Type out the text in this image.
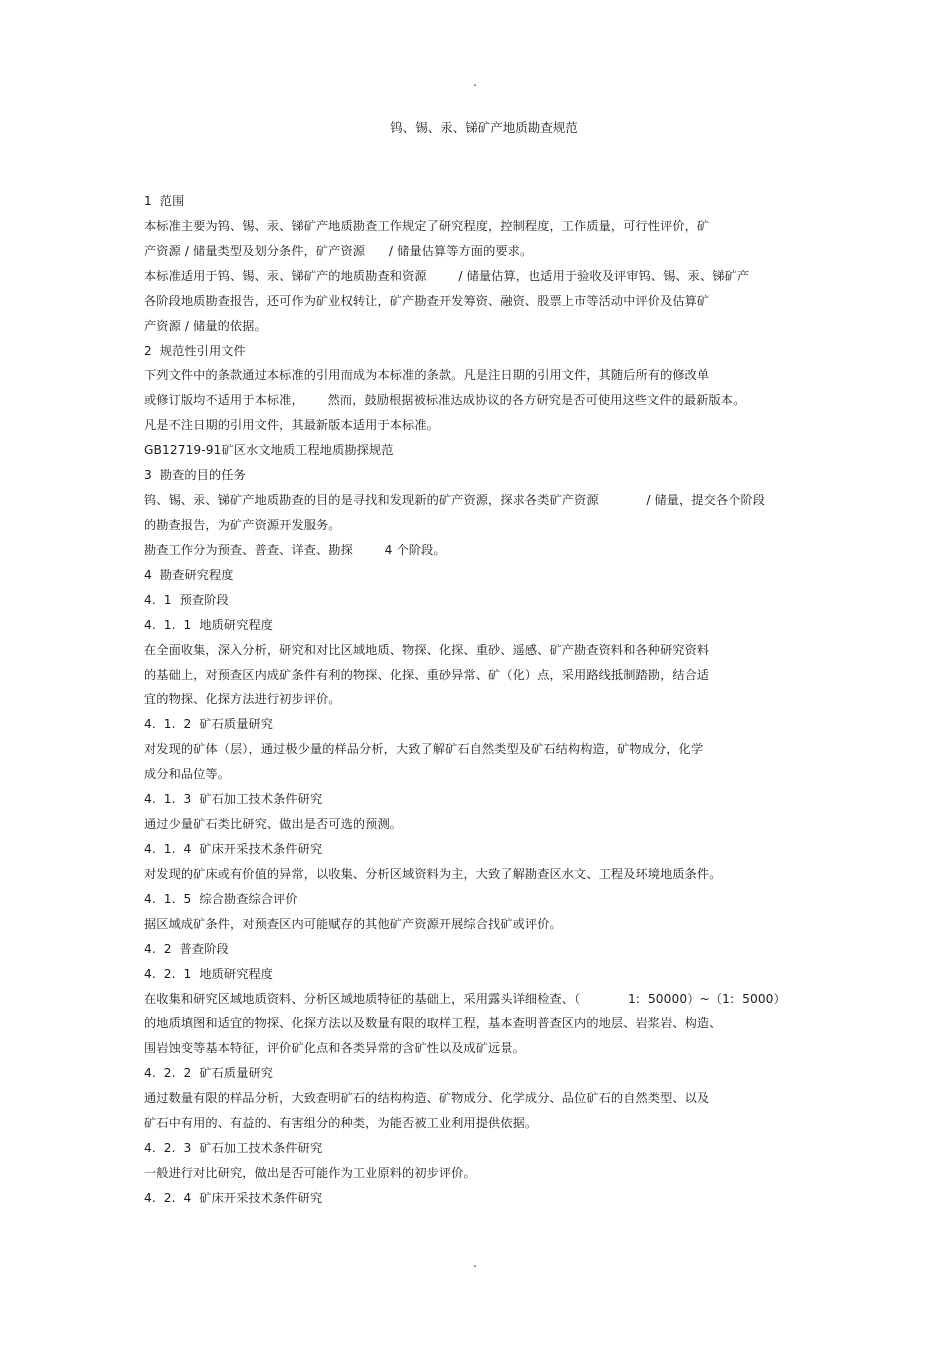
.
钨、锡、汞、锑矿产地质勘查规范
1  范围
本标准主要为钨、锡、汞、锑矿产地质勘查工作规定了研究程度，控制程度，工作质量，可行性评价，矿
产资源 / 储量类型及划分条件，矿产资源      / 储量估算等方面的要求。
本标准适用于钨、锡、汞、锑矿产的地质勘查和资源        / 储量估算，也适用于验收及评审钨、锡、汞、锑矿产
各阶段地质勘查报告，还可作为矿业权转让，矿产勘查开发筹资、融资、股票上市等活动中评价及估算矿
产资源 / 储量的依据。
2  规范性引用文件
下列文件中的条款通过本标准的引用而成为本标准的条款。凡是注日期的引用文件，其随后所有的修改单
或修订版均不适用于本标准，      然而，鼓励根据被标准达成协议的各方研究是否可使用这些文件的最新版本。
凡是不注日期的引用文件，其最新版本适用于本标准。
GB12719-91矿区水文地质工程地质勘探规范
3  勘查的目的任务
钨、锡、汞、锑矿产地质勘查的目的是寻找和发现新的矿产资源，探求各类矿产资源            / 储量，提交各个阶段
的勘查报告，为矿产资源开发服务。
勘查工作分为预查、普查、详查、勘探        4 个阶段。
4  勘查研究程度
4.  1  预查阶段
4.  1.  1  地质研究程度
在全面收集，深入分析，研究和对比区域地质、物探、化探、重砂、遥感、矿产勘查资料和各种研究资料
的基础上，对预查区内成矿条件有利的物探、化探、重砂异常、矿（化）点，采用路线抵制踏勘，结合适
宜的物探、化探方法进行初步评价。
4.  1.  2  矿石质量研究
对发现的矿体（层），通过极少量的样品分析，大致了解矿石自然类型及矿石结构构造，矿物成分，化学
成分和品位等。
4.  1.  3  矿石加工技术条件研究
通过少量矿石类比研究、做出是否可选的预测。
4.  1.  4  矿床开采技术条件研究
对发现的矿床或有价值的异常，以收集、分析区域资料为主，大致了解勘查区水文、工程及环境地质条件。
4.  1.  5  综合勘查综合评价
据区域成矿条件，对预查区内可能赋存的其他矿产资源开展综合找矿或评价。
4.  2  普查阶段
4.  2.  1  地质研究程度
在收集和研究区域地质资料、分析区域地质特征的基础上，采用露头详细检查、（            1:  50000）~（1:  5000）
的地质填图和适宜的物探、化探方法以及数量有限的取样工程，基本查明普查区内的地层、岩浆岩、构造、
围岩蚀变等基本特征，评价矿化点和各类异常的含矿性以及成矿远景。
4.  2.  2  矿石质量研究
通过数量有限的样品分析，大致查明矿石的结构构造、矿物成分、化学成分、品位矿石的自然类型、以及
矿石中有用的、有益的、有害组分的种类，为能否被工业利用提供依据。
4.  2.  3  矿石加工技术条件研究
一般进行对比研究，做出是否可能作为工业原料的初步评价。
4.  2.  4  矿床开采技术条件研究
.
